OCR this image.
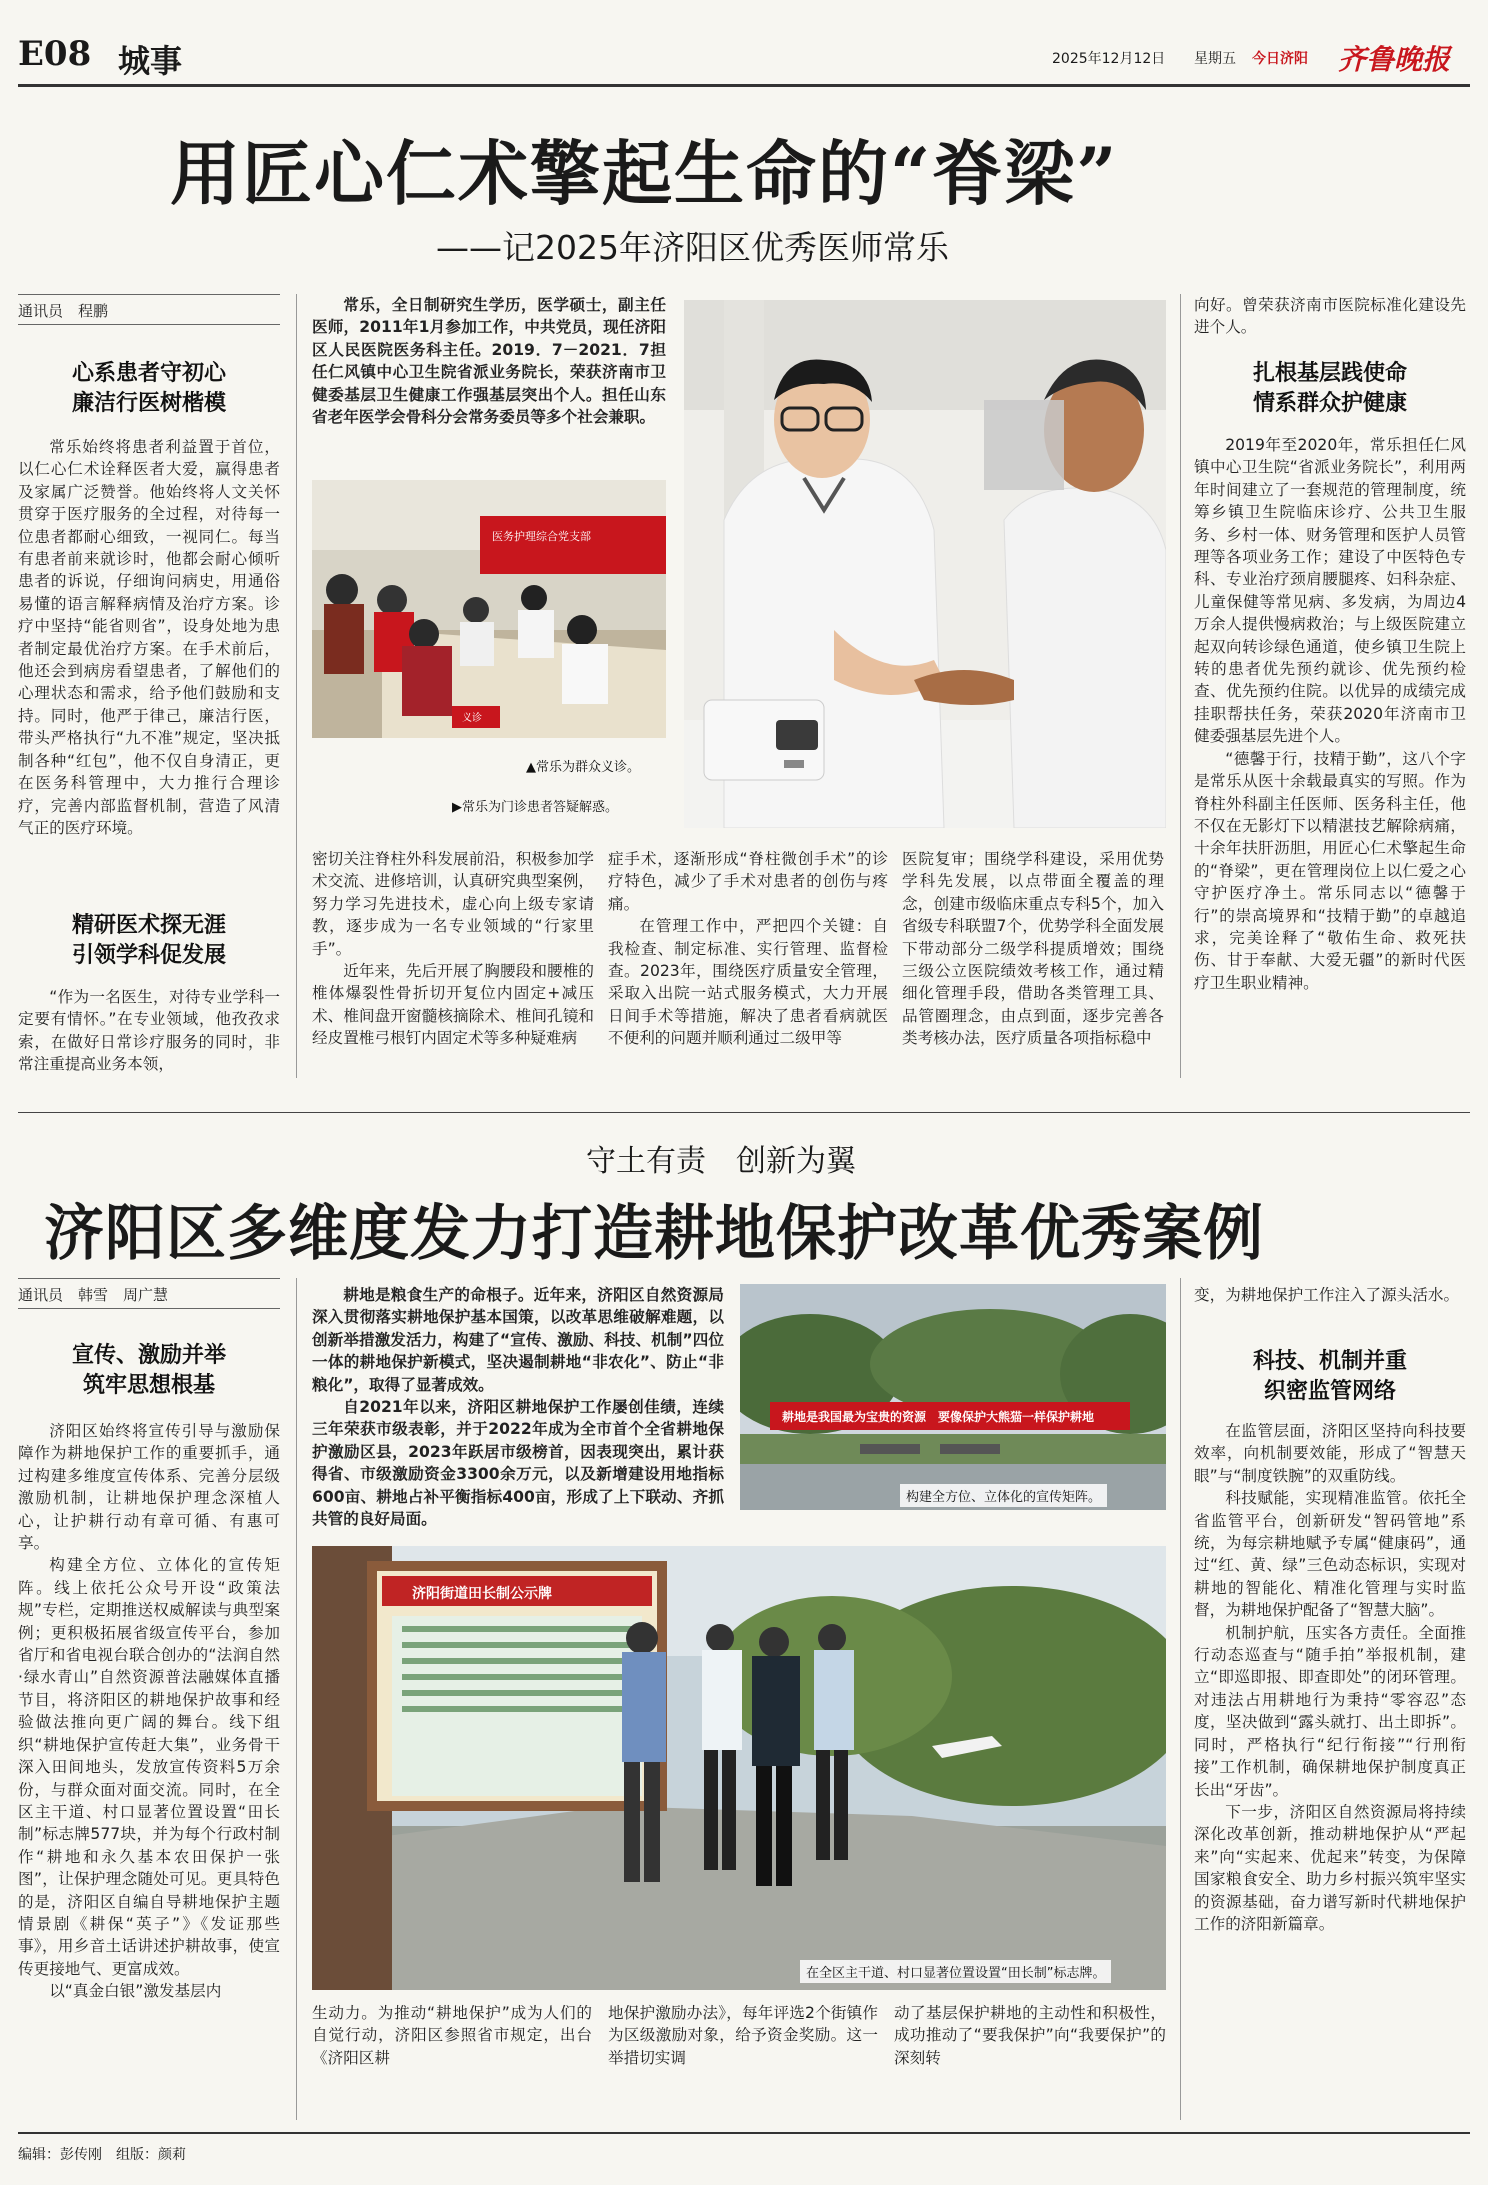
E08 城事	2025年12月12日 星期五 今日济阳 齐鲁晚报
用匠心仁术擎起生命的“脊梁”
——记2025年济阳区优秀医师常乐
通讯员　程鹏
心系患者守初心
廉洁行医树楷模

常乐始终将患者利益置于首位，以仁心仁术诠释医者大爱，赢得患者及家属广泛赞誉。他始终将人文关怀贯穿于医疗服务的全过程，对待每一位患者都耐心细致，一视同仁。每当有患者前来就诊时，他都会耐心倾听患者的诉说，仔细询问病史，用通俗易懂的语言解释病情及治疗方案。诊疗中坚持“能省则省”，设身处地为患者制定最优治疗方案。在手术前后，他还会到病房看望患者，了解他们的心理状态和需求，给予他们鼓励和支持。同时，他严于律己，廉洁行医，带头严格执行“九不准”规定，坚决抵制各种“红包”，他不仅自身清正，更在医务科管理中，大力推行合理诊疗，完善内部监督机制，营造了风清气正的医疗环境。

精研医术探无涯
引领学科促发展

“作为一名医生，对待专业学科一定要有情怀。”在专业领域，他孜孜求索，在做好日常诊疗服务的同时，非常注重提高业务本领，

常乐，全日制研究生学历，医学硕士，副主任医师，2011年1月参加工作，中共党员，现任济阳区人民医院医务科主任。2019．7－2021．7担任仁风镇中心卫生院省派业务院长，荣获济南市卫健委基层卫生健康工作强基层突出个人。担任山东省老年医学会骨科分会常务委员等多个社会兼职。

医务护理综合党支部
义诊
▲常乐为群众义诊。
▶常乐为门诊患者答疑解惑。

密切关注脊柱外科发展前沿，积极参加学术交流、进修培训，认真研究典型案例，努力学习先进技术，虚心向上级专家请教，逐步成为一名专业领域的“行家里手”。

近年来，先后开展了胸腰段和腰椎的椎体爆裂性骨折切开复位内固定+减压术、椎间盘开窗髓核摘除术、椎间孔镜和经皮置椎弓根钉内固定术等多种疑难病

症手术，逐渐形成“脊柱微创手术”的诊疗特色，减少了手术对患者的创伤与疼痛。

在管理工作中，严把四个关键：自我检查、制定标准、实行管理、监督检查。2023年，围绕医疗质量安全管理，采取入出院一站式服务模式，大力开展日间手术等措施，解决了患者看病就医不便利的问题并顺利通过二级甲等

医院复审；围绕学科建设，采用优势学科先发展，以点带面全覆盖的理念，创建市级临床重点专科5个，加入省级专科联盟7个，优势学科全面发展下带动部分二级学科提质增效；围绕三级公立医院绩效考核工作，通过精细化管理手段，借助各类管理工具、品管圈理念，由点到面，逐步完善各类考核办法，医疗质量各项指标稳中

向好。曾荣获济南市医院标准化建设先进个人。

扎根基层践使命
情系群众护健康

2019年至2020年，常乐担任仁风镇中心卫生院“省派业务院长”，利用两年时间建立了一套规范的管理制度，统筹乡镇卫生院临床诊疗、公共卫生服务、乡村一体、财务管理和医护人员管理等各项业务工作；建设了中医特色专科、专业治疗颈肩腰腿疼、妇科杂症、儿童保健等常见病、多发病，为周边4万余人提供慢病救治；与上级医院建立起双向转诊绿色通道，使乡镇卫生院上转的患者优先预约就诊、优先预约检查、优先预约住院。以优异的成绩完成挂职帮扶任务，荣获2020年济南市卫健委强基层先进个人。

“德馨于行，技精于勤”，这八个字是常乐从医十余载最真实的写照。作为脊柱外科副主任医师、医务科主任，他不仅在无影灯下以精湛技艺解除病痛，十余年扶肝沥胆，用匠心仁术擎起生命的“脊梁”，更在管理岗位上以仁爱之心守护医疗净土。常乐同志以“德馨于行”的崇高境界和“技精于勤”的卓越追求，完美诠释了“敬佑生命、救死扶伤、甘于奉献、大爱无疆”的新时代医疗卫生职业精神。

守土有责　创新为翼
济阳区多维度发力打造耕地保护改革优秀案例
通讯员　韩雪　周广慧
宣传、激励并举
筑牢思想根基

济阳区始终将宣传引导与激励保障作为耕地保护工作的重要抓手，通过构建多维度宣传体系、完善分层级激励机制，让耕地保护理念深植人心，让护耕行动有章可循、有惠可享。

构建全方位、立体化的宣传矩阵。线上依托公众号开设“政策法规”专栏，定期推送权威解读与典型案例；更积极拓展省级宣传平台，参加省厅和省电视台联合创办的“法润自然·绿水青山”自然资源普法融媒体直播节目，将济阳区的耕地保护故事和经验做法推向更广阔的舞台。线下组织“耕地保护宣传赶大集”，业务骨干深入田间地头，发放宣传资料5万余份，与群众面对面交流。同时，在全区主干道、村口显著位置设置“田长制”标志牌577块，并为每个行政村制作“耕地和永久基本农田保护一张图”，让保护理念随处可见。更具特色的是，济阳区自编自导耕地保护主题情景剧《耕保“英子”》《发证那些事》，用乡音土话讲述护耕故事，使宣传更接地气、更富成效。

以“真金白银”激发基层内

耕地是粮食生产的命根子。近年来，济阳区自然资源局深入贯彻落实耕地保护基本国策，以改革思维破解难题，以创新举措激发活力，构建了“宣传、激励、科技、机制”四位一体的耕地保护新模式，坚决遏制耕地“非农化”、防止“非粮化”，取得了显著成效。

自2021年以来，济阳区耕地保护工作屡创佳绩，连续三年荣获市级表彰，并于2022年成为全市首个全省耕地保护激励区县，2023年跃居市级榜首，因表现突出，累计获得省、市级激励资金3300余万元，以及新增建设用地指标600亩、耕地占补平衡指标400亩，形成了上下联动、齐抓共管的良好局面。

耕地是我国最为宝贵的资源　要像保护大熊猫一样保护耕地
构建全方位、立体化的宣传矩阵。
济阳街道田长制公示牌
在全区主干道、村口显著位置设置“田长制”标志牌。

生动力。为推动“耕地保护”成为人们的自觉行动，济阳区参照省市规定，出台《济阳区耕

地保护激励办法》，每年评选2个街镇作为区级激励对象，给予资金奖励。这一举措切实调

动了基层保护耕地的主动性和积极性，成功推动了“要我保护”向“我要保护”的深刻转

变，为耕地保护工作注入了源头活水。

科技、机制并重
织密监管网络

在监管层面，济阳区坚持向科技要效率，向机制要效能，形成了“智慧天眼”与“制度铁腕”的双重防线。

科技赋能，实现精准监管。依托全省监管平台，创新研发“智码管地”系统，为每宗耕地赋予专属“健康码”，通过“红、黄、绿”三色动态标识，实现对耕地的智能化、精准化管理与实时监督，为耕地保护配备了“智慧大脑”。

机制护航，压实各方责任。全面推行动态巡查与“随手拍”举报机制，建立“即巡即报、即查即处”的闭环管理。对违法占用耕地行为秉持“零容忍”态度，坚决做到“露头就打、出土即拆”。同时，严格执行“纪行衔接”“行刑衔接”工作机制，确保耕地保护制度真正长出“牙齿”。

下一步，济阳区自然资源局将持续深化改革创新，推动耕地保护从“严起来”向“实起来、优起来”转变，为保障国家粮食安全、助力乡村振兴筑牢坚实的资源基础，奋力谱写新时代耕地保护工作的济阳新篇章。

编辑：彭传刚　组版：颜莉
